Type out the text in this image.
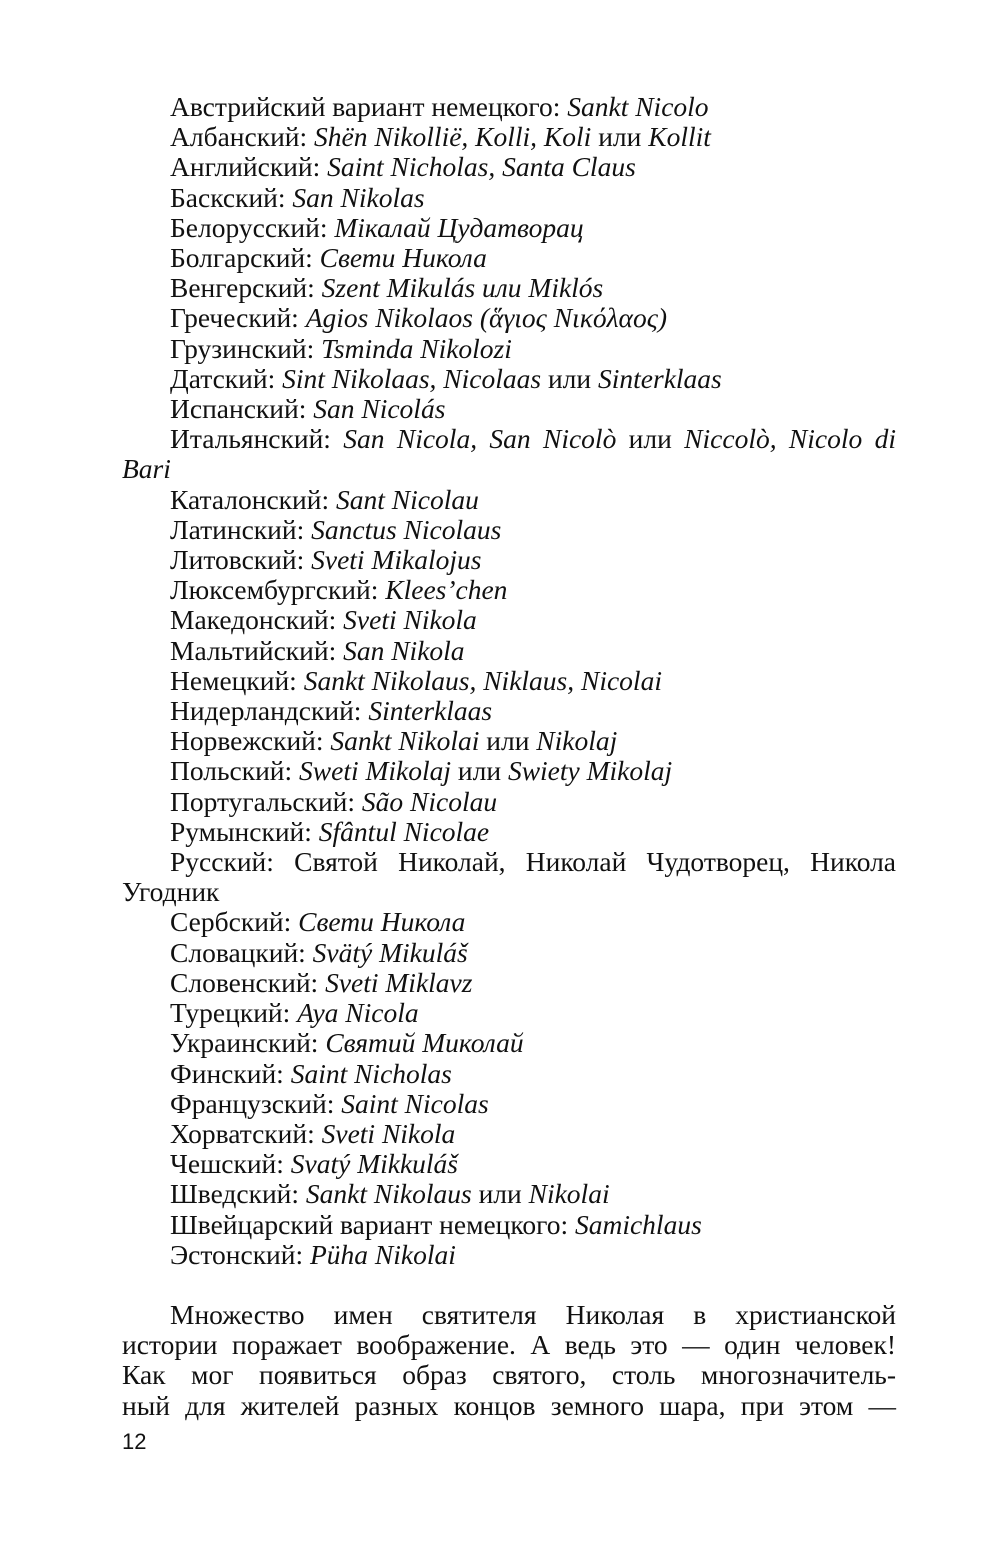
Австрийский вариант немецкого: Sankt Nicolo

Албанский: Shën Nikolliё, Kolli, Koli или Kollit

Английский: Saint Nicholas, Santa Claus

Баскский: San Nikolas

Белорусский: Мікалай Цудатворац

Болгарский: Свети Никола

Венгерский: Szent Mikulás или Miklós

Греческий: Agios Nikolaos (ἅγιος Νικόλαος)

Грузинский: Tsminda Nikolozi

Датский: Sint Nikolaas, Nicolaas или Sinterklaas

Испанский: San Nicolás

Итальянский: San Nicola, San Nicolò или Niccolò, Nicolo di Bari

Каталонский: Sant Nicolau

Латинский: Sanctus Nicolaus

Литовский: Sveti Mikalojus

Люксембургский: Klees’chen

Македонский: Sveti Nikola

Мальтийский: San Nikola

Немецкий: Sankt Nikolaus, Niklaus, Nicolai

Нидерландский: Sinterklaas

Норвежский: Sankt Nikolai или Nikolaj

Польский: Sweti Mikolaj или Swiety Mikolaj

Португальский: São Nicolau

Румынский: Sfântul Nicolae

Русский: Святой Николай, Николай Чудотворец, Никола Угодник

Сербский: Свети Никола

Словацкий: Svätý Mikuláš

Словенский: Sveti Miklavz

Турецкий: Aya Nicola

Украинский: Святий Миколай

Финский: Saint Nicholas

Французский: Saint Nicolas

Хорватский: Sveti Nikola

Чешский: Svatý Mikkuláš

Шведский: Sankt Nikolaus или Nikolai

Швейцарский вариант немецкого: Samichlaus

Эстонский: Püha Nikolai

Множество имен святителя Николая в христианской
истории поражает воображение. А ведь это — один человек!
Как мог появиться образ святого, столь многозначитель-
ный для жителей разных концов земного шара, при этом —
12
